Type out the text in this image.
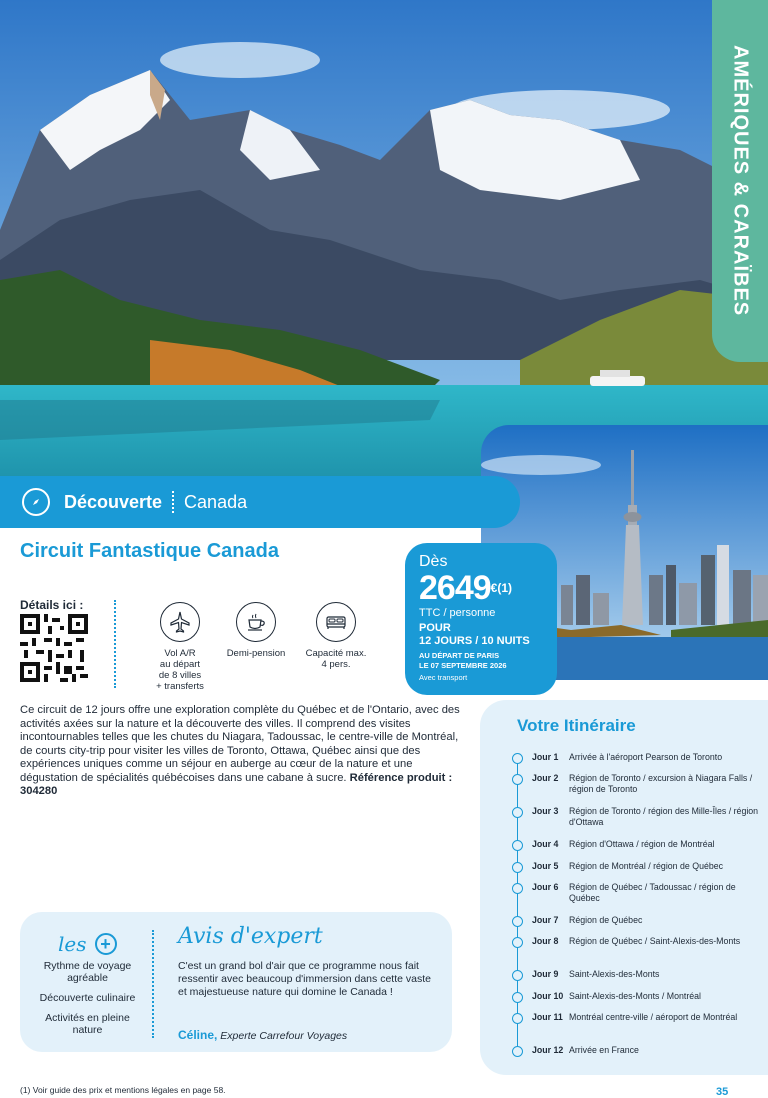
AMÉRIQUES & CARAÏBES
Découverte Canada
Circuit Fantastique Canada	Dès
$2649^{€(1)}$
TTC / personne
POUR
12 JOURS / 10 NUITS
AU DÉPART DE PARIS
LE 07 SEPTEMBRE 2026
Avec transport
Détails ici :
Vol A/R
au départ
de 8 villes
+ transferts
Demi-pension	Capacité max.
4 pers.
Ce circuit de 12 jours offre une exploration complète du Québec et de l'Ontario, avec des activités axées sur la nature et la découverte des villes. Il comprend des visites incontournables telles que les chutes du Niagara, Tadoussac, le centre-ville de Montréal, de courts city-trip pour visiter les villes de Toronto, Ottawa, Québec ainsi que des expériences uniques comme un séjour en auberge au cœur de la nature et une dégustation de spécialités québécoises dans une cabane à sucre. Référence produit : 304280
Votre Itinéraire
Jour 1 Arrivée à l'aéroport Pearson de Toronto
Jour 2 Région de Toronto / excursion à Niagara Falls / région de Toronto
Jour 3 Région de Toronto / région des Mille-Îles / région d'Ottawa
Jour 4 Région d'Ottawa / région de Montréal
Jour 5 Région de Montréal / région de Québec
Jour 6 Région de Québec / Tadoussac / région de Québec
Jour 7 Région de Québec
Jour 8 Région de Québec / Saint-Alexis-des-Monts
Jour 9 Saint-Alexis-des-Monts
Jour 10 Saint-Alexis-des-Monts / Montréal
Jour 11 Montréal centre-ville / aéroport de Montréal
Jour 12 Arrivée en France
les +
Rythme de voyage agréable
Découverte culinaire
Activités en pleine nature
Avis d'expert
C'est un grand bol d'air que ce programme nous fait ressentir avec beaucoup d'immersion dans cette vaste et majestueuse nature qui domine le Canada !
Céline, Experte Carrefour Voyages
(1) Voir guide des prix et mentions légales en page 58.	35
